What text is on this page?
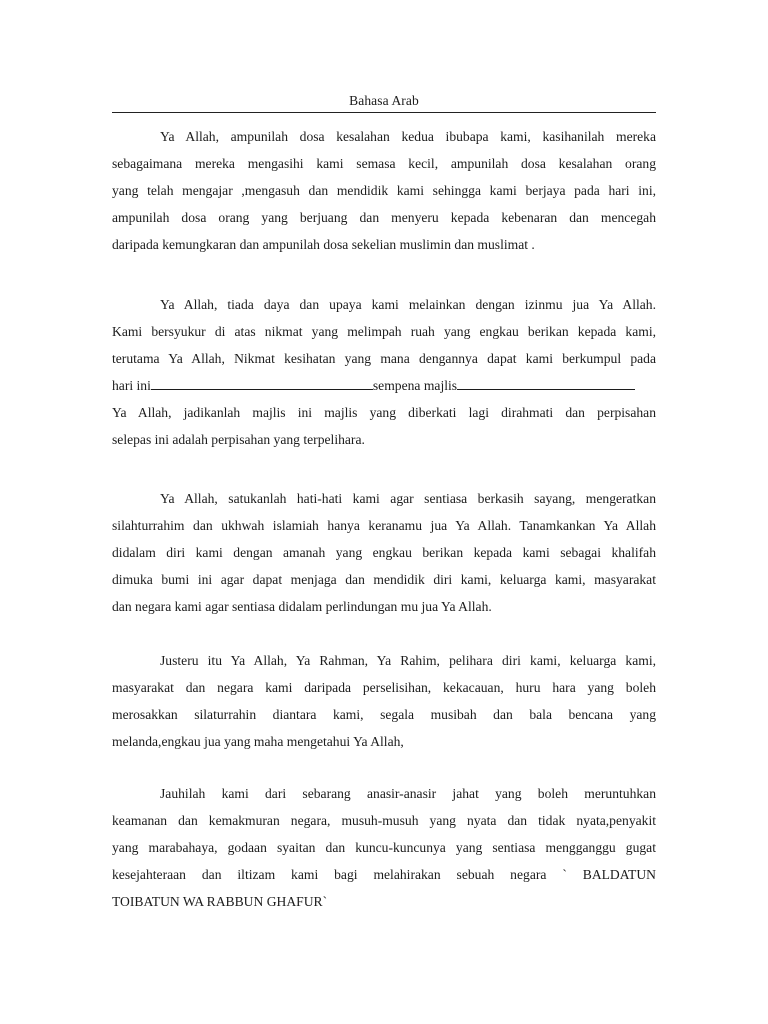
Bahasa Arab
Ya Allah, ampunilah dosa kesalahan kedua ibubapa kami, kasihanilah mereka
sebagaimana mereka mengasihi kami semasa kecil, ampunilah dosa kesalahan orang
yang telah mengajar ,mengasuh dan mendidik kami sehingga kami berjaya pada hari ini,
ampunilah dosa orang yang berjuang dan menyeru kepada kebenaran dan mencegah
daripada kemungkaran dan ampunilah dosa sekelian muslimin dan muslimat .
Ya Allah, tiada daya dan upaya kami melainkan dengan izinmu jua Ya Allah.
Kami bersyukur di atas nikmat yang melimpah ruah yang engkau berikan kepada kami,
terutama Ya Allah, Nikmat kesihatan yang mana dengannya dapat kami berkumpul pada
hari ini	sempena majlis
Ya Allah, jadikanlah majlis ini majlis yang diberkati lagi dirahmati dan perpisahan
selepas ini adalah perpisahan yang terpelihara.
Ya Allah, satukanlah hati-hati kami agar sentiasa berkasih sayang, mengeratkan
silahturrahim dan ukhwah islamiah hanya keranamu jua Ya Allah. Tanamkankan Ya Allah
didalam diri kami dengan amanah yang engkau berikan kepada kami sebagai khalifah
dimuka bumi ini agar dapat menjaga dan mendidik diri kami, keluarga kami, masyarakat
dan negara kami agar sentiasa didalam perlindungan mu jua Ya Allah.
Justeru itu Ya Allah, Ya Rahman, Ya Rahim, pelihara diri kami, keluarga kami,
masyarakat dan negara kami daripada perselisihan, kekacauan, huru hara yang boleh
merosakkan silaturrahin diantara kami, segala musibah dan bala bencana yang
melanda,engkau jua yang maha mengetahui Ya Allah,
Jauhilah kami dari sebarang anasir-anasir jahat yang boleh meruntuhkan
keamanan dan kemakmuran negara, musuh-musuh yang nyata dan tidak nyata,penyakit
yang marabahaya, godaan syaitan dan kuncu-kuncunya yang sentiasa mengganggu gugat
kesejahteraan dan iltizam kami bagi melahirakan sebuah negara ` BALDATUN
TOIBATUN WA RABBUN GHAFUR`
